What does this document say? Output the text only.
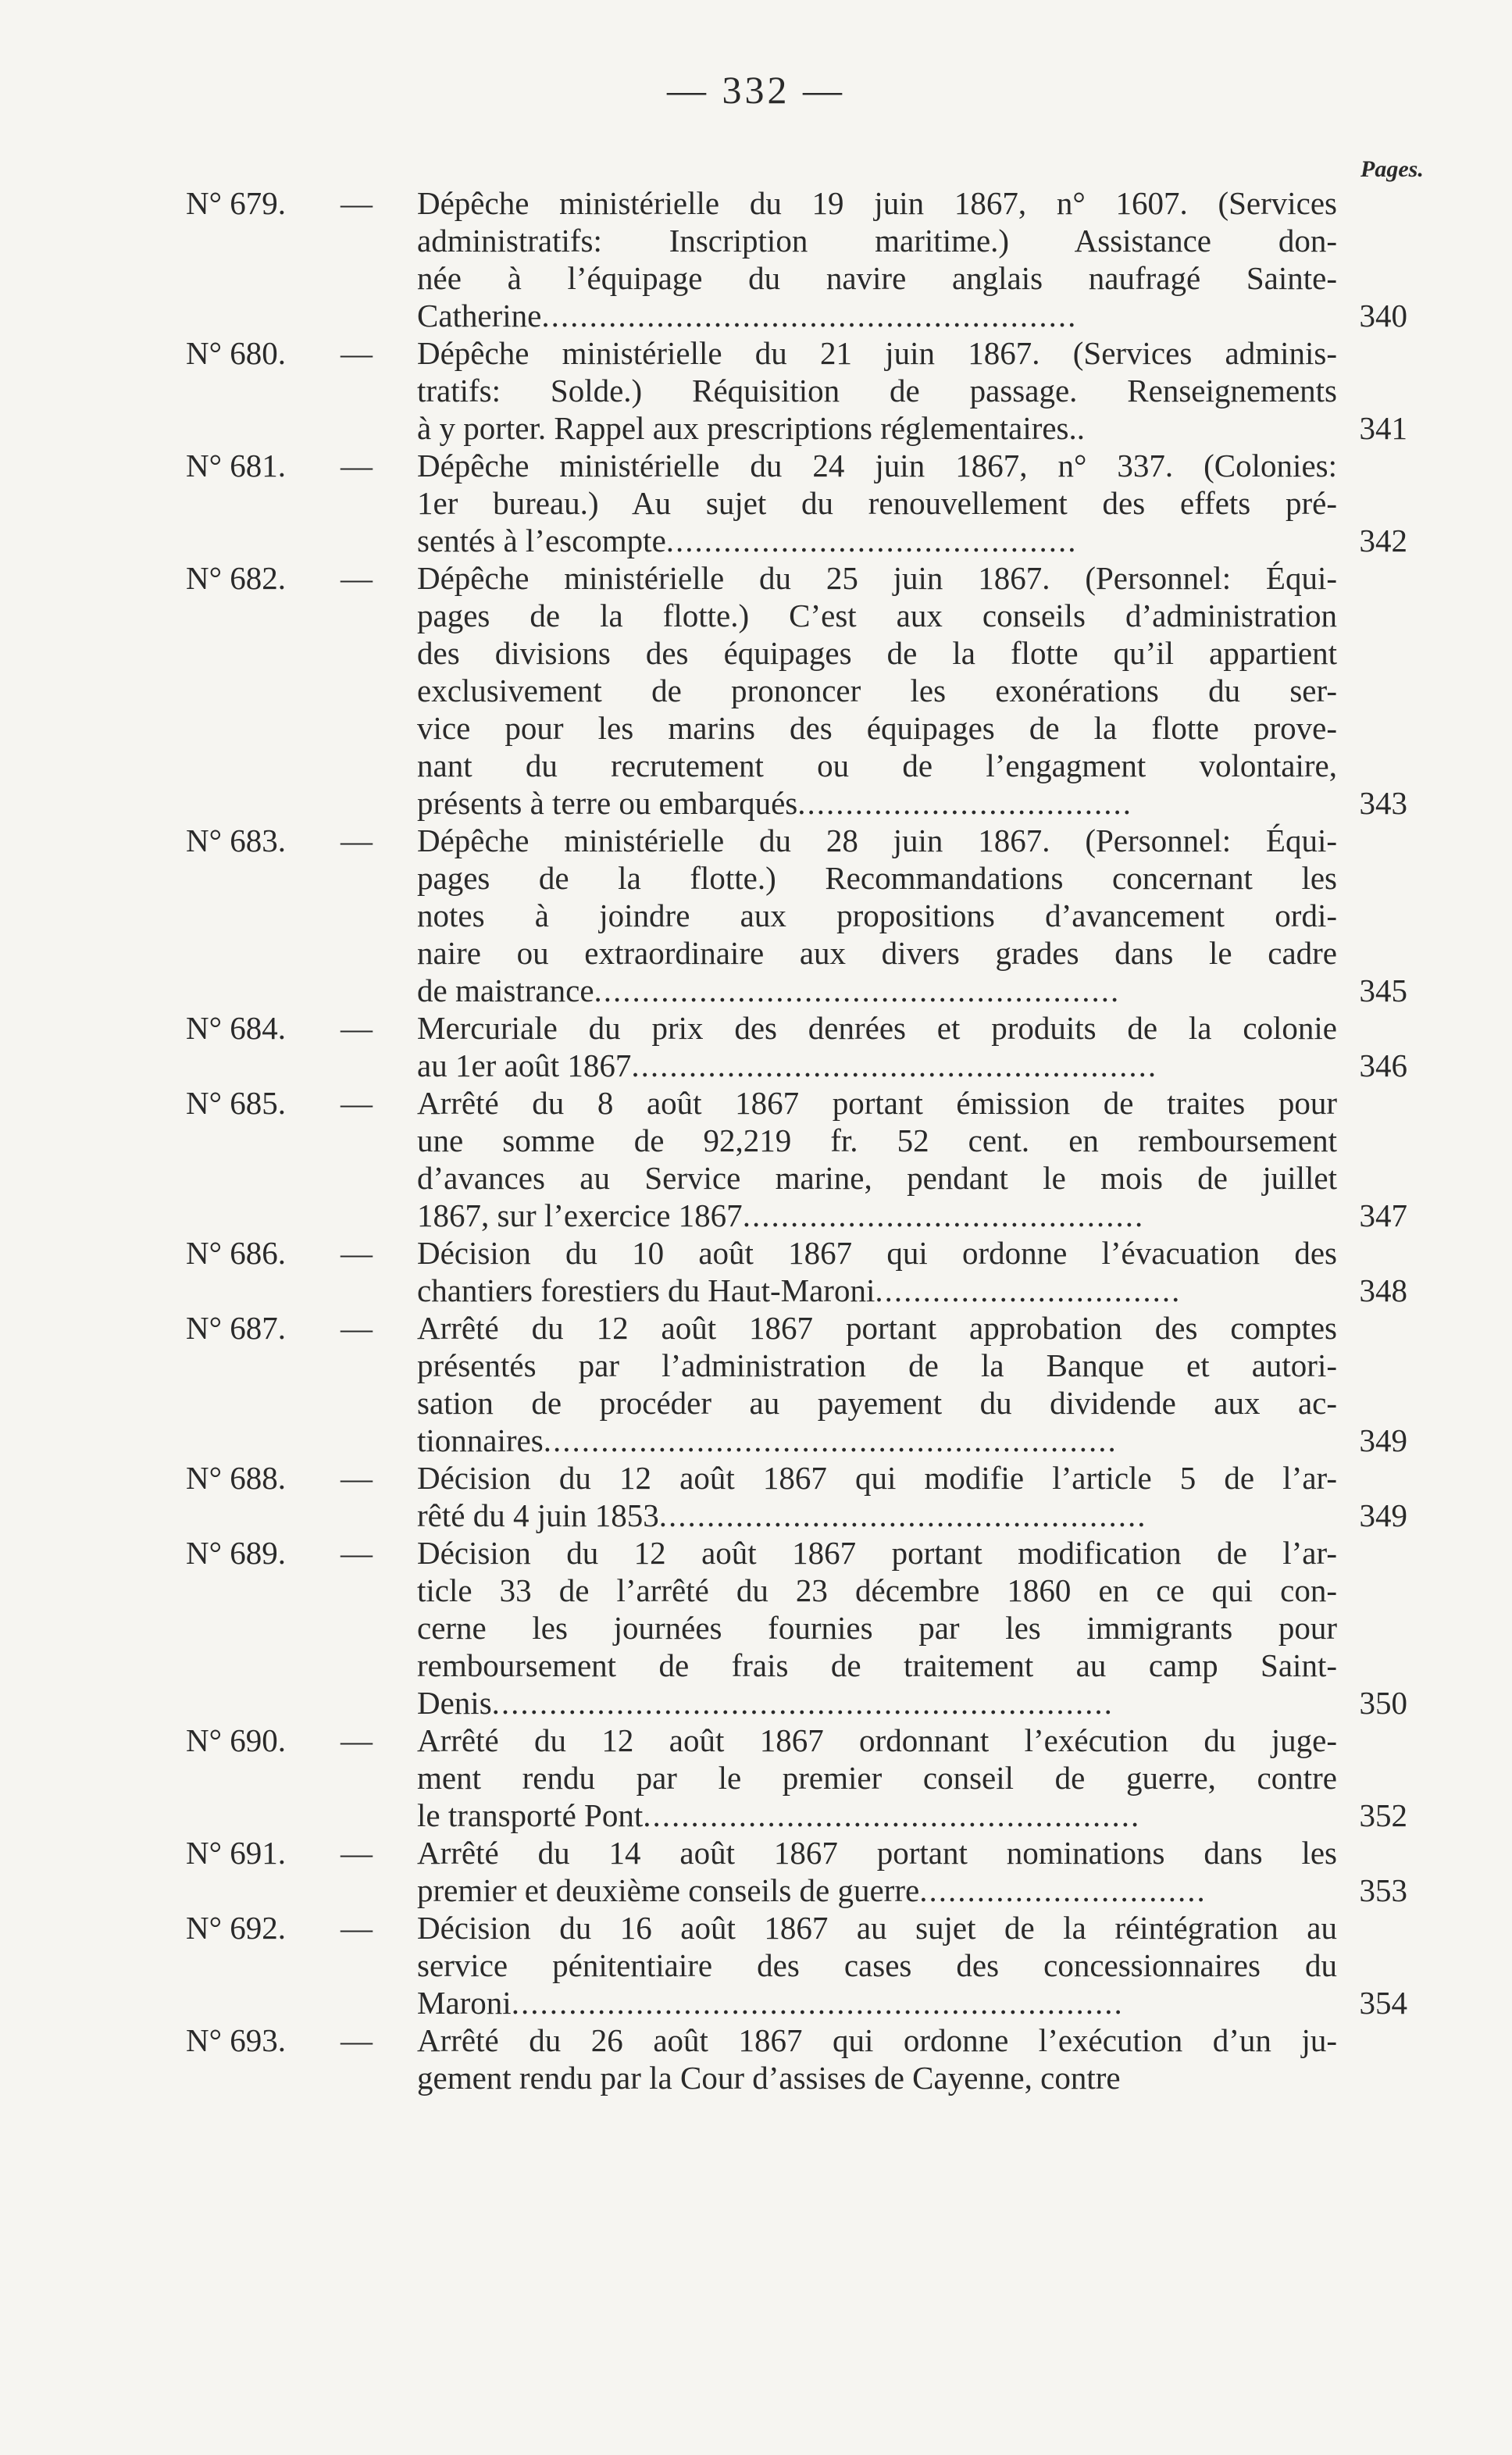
— 332 —
Pages.
N° 679.	—	Dépêche ministérielle du 19 juin 1867, n° 1607. (Services
administratifs: Inscription maritime.) Assistance don-
née à l’équipage du navire anglais naufragé Sainte-
Catherine........................................................	340
N° 680.	—	Dépêche ministérielle du 21 juin 1867. (Services adminis-
tratifs: Solde.) Réquisition de passage. Renseignements
à y porter. Rappel aux prescriptions réglementaires..	341
N° 681.	—	Dépêche ministérielle du 24 juin 1867, n° 337. (Colonies:
1er bureau.) Au sujet du renouvellement des effets pré-
sentés à l’escompte...........................................	342
N° 682.	—	Dépêche ministérielle du 25 juin 1867. (Personnel: Équi-
pages de la flotte.) C’est aux conseils d’administration
des divisions des équipages de la flotte qu’il appartient
exclusivement de prononcer les exonérations du ser-
vice pour les marins des équipages de la flotte prove-
nant du recrutement ou de l’engagment volontaire,
présents à terre ou embarqués...................................	343
N° 683.	—	Dépêche ministérielle du 28 juin 1867. (Personnel: Équi-
pages de la flotte.) Recommandations concernant les
notes à joindre aux propositions d’avancement ordi-
naire ou extraordinaire aux divers grades dans le cadre
de maistrance.......................................................	345
N° 684.	—	Mercuriale du prix des denrées et produits de la colonie
au 1er août 1867.......................................................	346
N° 685.	—	Arrêté du 8 août 1867 portant émission de traites pour
une somme de 92,219 fr. 52 cent. en remboursement
d’avances au Service marine, pendant le mois de juillet
1867, sur l’exercice 1867..........................................	347
N° 686.	—	Décision du 10 août 1867 qui ordonne l’évacuation des
chantiers forestiers du Haut-Maroni................................	348
N° 687.	—	Arrêté du 12 août 1867 portant approbation des comptes
présentés par l’administration de la Banque et autori-
sation de procéder au payement du dividende aux ac-
tionnaires............................................................	349
N° 688.	—	Décision du 12 août 1867 qui modifie l’article 5 de l’ar-
rêté du 4 juin 1853...................................................	349
N° 689.	—	Décision du 12 août 1867 portant modification de l’ar-
ticle 33 de l’arrêté du 23 décembre 1860 en ce qui con-
cerne les journées fournies par les immigrants pour
remboursement de frais de traitement au camp Saint-
Denis.................................................................	350
N° 690.	—	Arrêté du 12 août 1867 ordonnant l’exécution du juge-
ment rendu par le premier conseil de guerre, contre
le transporté Pont....................................................	352
N° 691.	—	Arrêté du 14 août 1867 portant nominations dans les
premier et deuxième conseils de guerre..............................	353
N° 692.	—	Décision du 16 août 1867 au sujet de la réintégration au
service pénitentiaire des cases des concessionnaires du
Maroni................................................................	354
N° 693.	—	Arrêté du 26 août 1867 qui ordonne l’exécution d’un ju-
gement rendu par la Cour d’assises de Cayenne, contre
